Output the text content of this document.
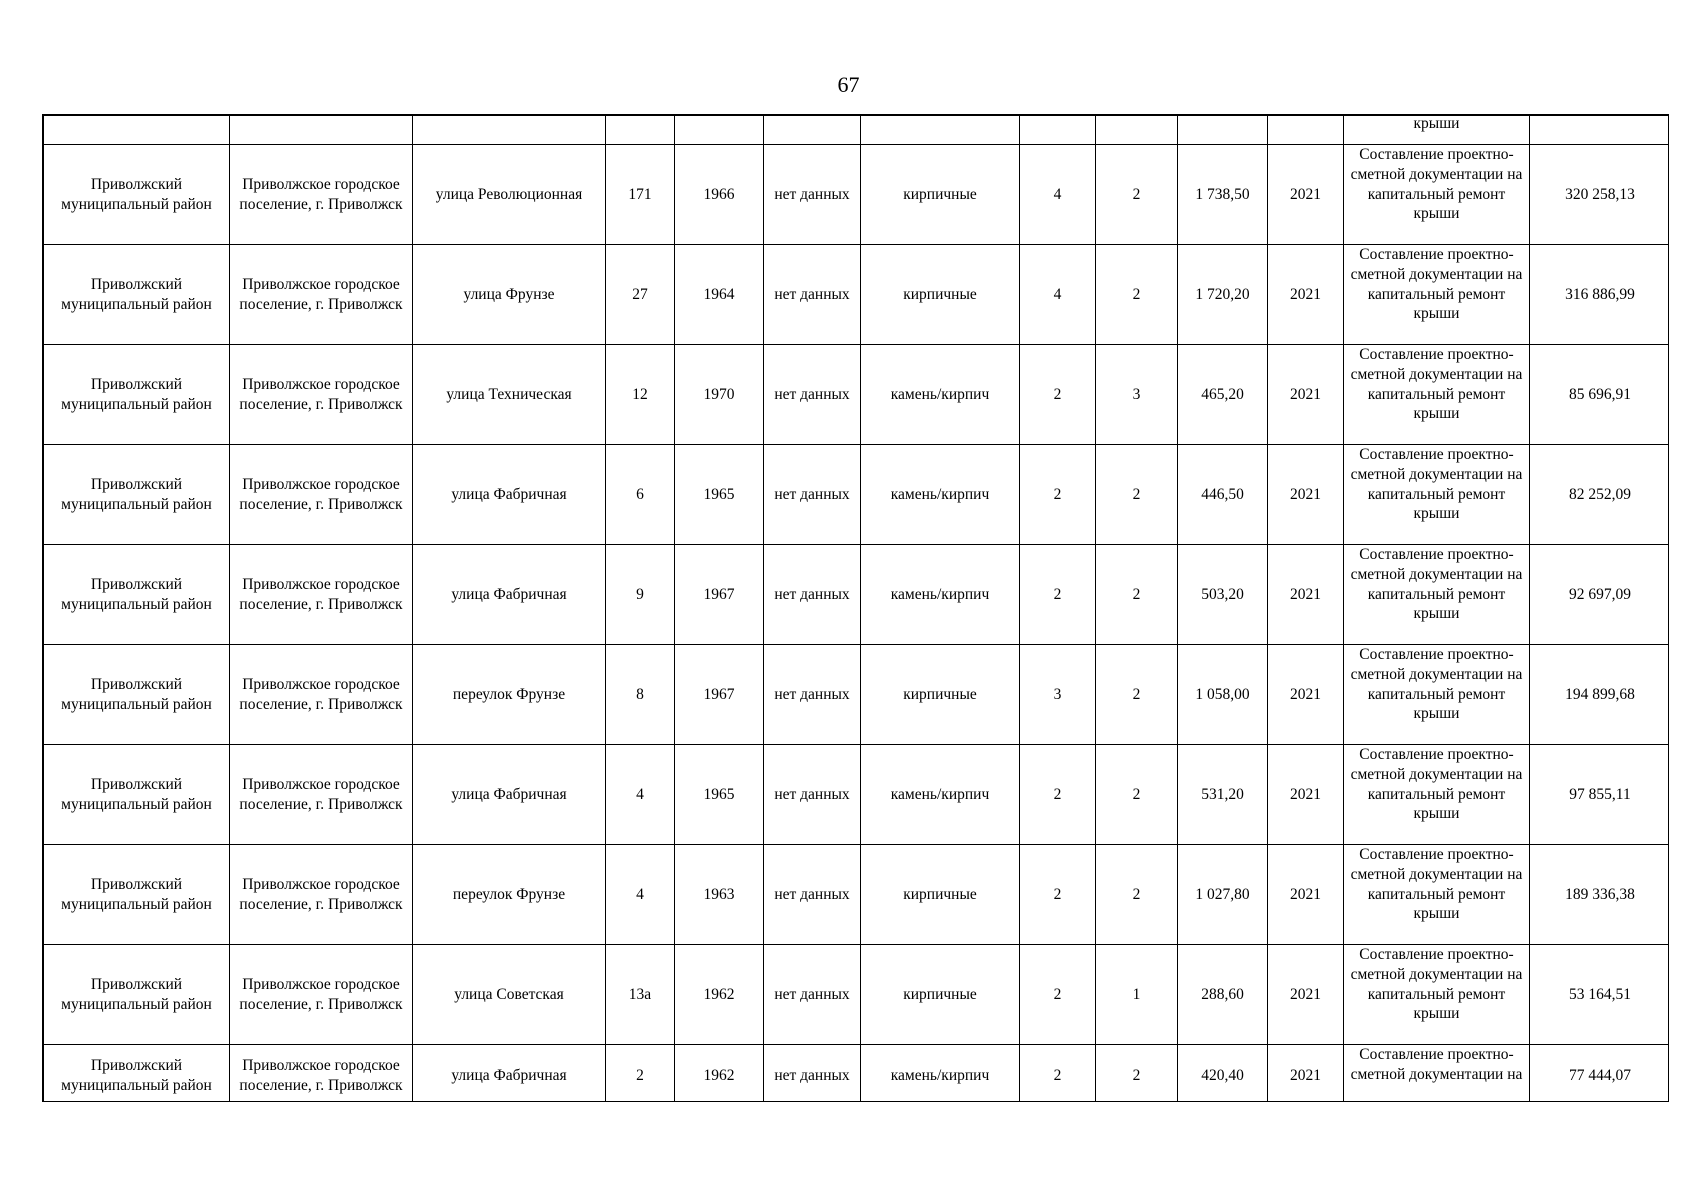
67

											крыши	

Приволжский муниципальный район	Приволжское городское поселение, г. Приволжск	улица Революционная	171	1966	нет данных	кирпичные	4	2	1 738,50	2021	Составление проектно-сметной документации на капитальный ремонт крыши	320 258,13
Приволжский муниципальный район	Приволжское городское поселение, г. Приволжск	улица Фрунзе	27	1964	нет данных	кирпичные	4	2	1 720,20	2021	Составление проектно-сметной документации на капитальный ремонт крыши	316 886,99
Приволжский муниципальный район	Приволжское городское поселение, г. Приволжск	улица Техническая	12	1970	нет данных	камень/кирпич	2	3	465,20	2021	Составление проектно-сметной документации на капитальный ремонт крыши	85 696,91
Приволжский муниципальный район	Приволжское городское поселение, г. Приволжск	улица Фабричная	6	1965	нет данных	камень/кирпич	2	2	446,50	2021	Составление проектно-сметной документации на капитальный ремонт крыши	82 252,09
Приволжский муниципальный район	Приволжское городское поселение, г. Приволжск	улица Фабричная	9	1967	нет данных	камень/кирпич	2	2	503,20	2021	Составление проектно-сметной документации на капитальный ремонт крыши	92 697,09
Приволжский муниципальный район	Приволжское городское поселение, г. Приволжск	переулок Фрунзе	8	1967	нет данных	кирпичные	3	2	1 058,00	2021	Составление проектно-сметной документации на капитальный ремонт крыши	194 899,68
Приволжский муниципальный район	Приволжское городское поселение, г. Приволжск	улица Фабричная	4	1965	нет данных	камень/кирпич	2	2	531,20	2021	Составление проектно-сметной документации на капитальный ремонт крыши	97 855,11
Приволжский муниципальный район	Приволжское городское поселение, г. Приволжск	переулок Фрунзе	4	1963	нет данных	кирпичные	2	2	1 027,80	2021	Составление проектно-сметной документации на капитальный ремонт крыши	189 336,38
Приволжский муниципальный район	Приволжское городское поселение, г. Приволжск	улица Советская	13а	1962	нет данных	кирпичные	2	1	288,60	2021	Составление проектно-сметной документации на капитальный ремонт крыши	53 164,51
Приволжский муниципальный район	Приволжское городское поселение, г. Приволжск	улица Фабричная	2	1962	нет данных	камень/кирпич	2	2	420,40	2021	Составление проектно-сметной документации на	77 444,07
